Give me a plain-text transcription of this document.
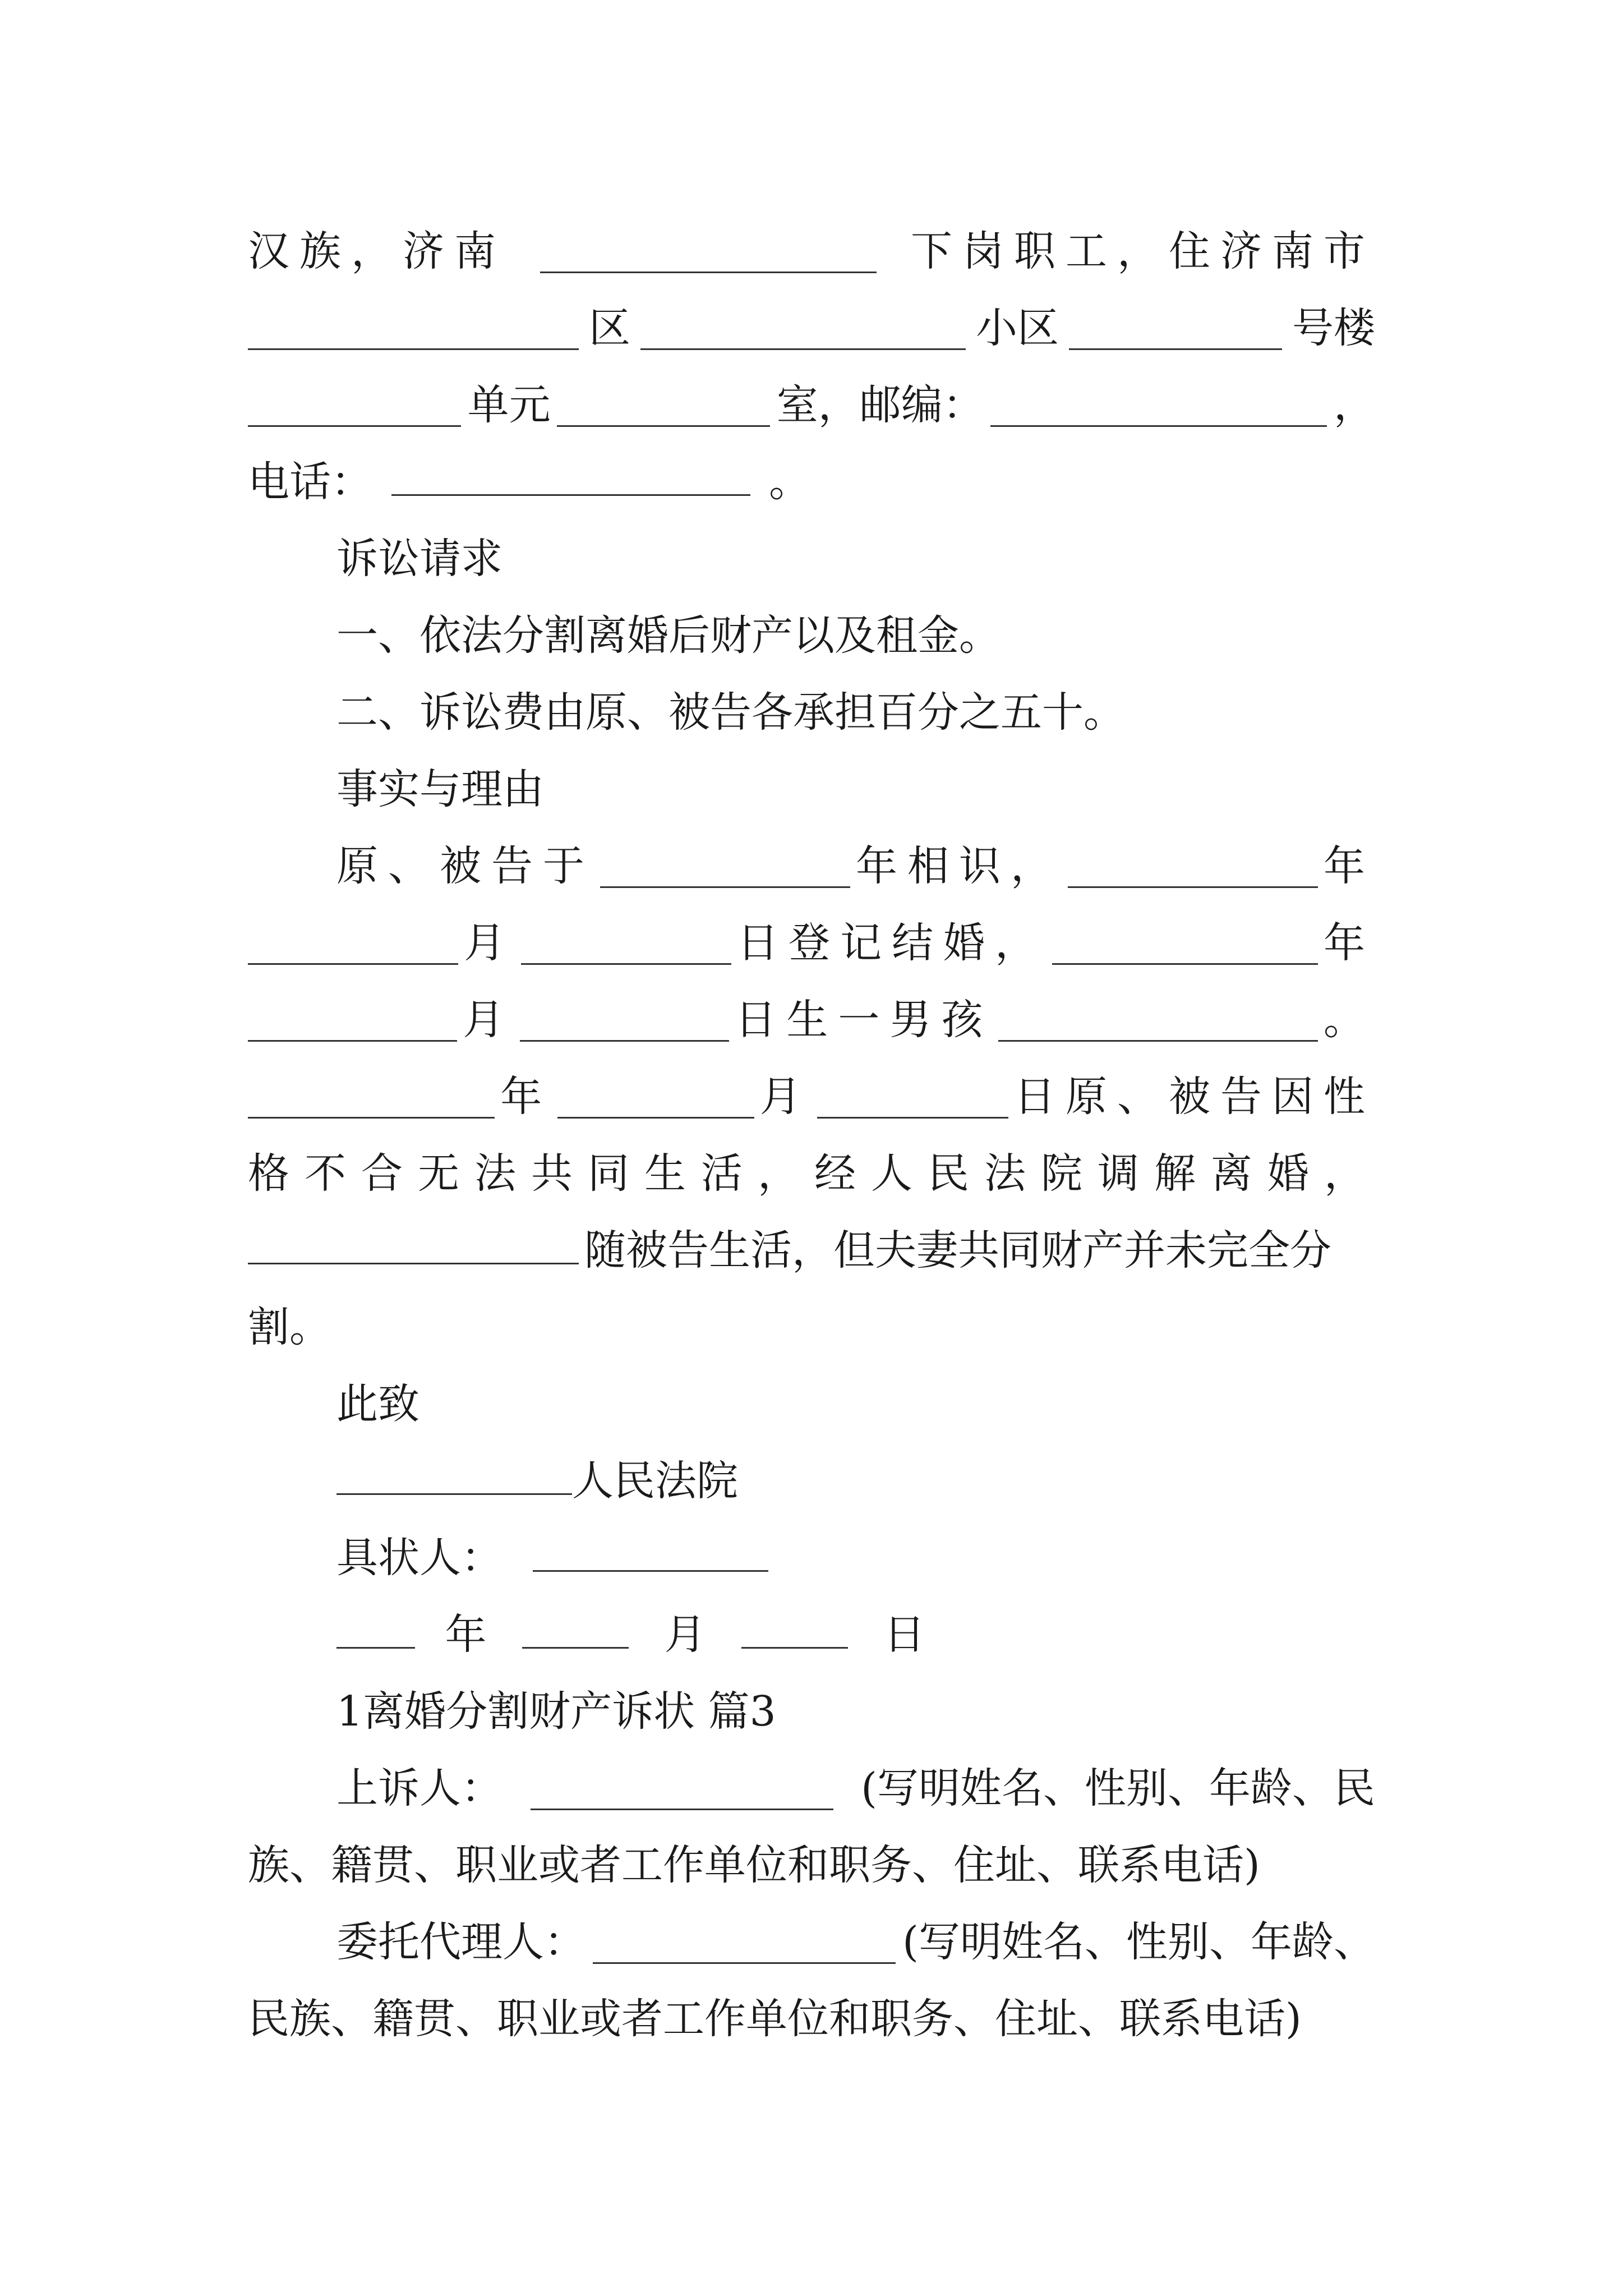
汉族，济南	下岗职工，住济南市
区	小区	号楼
单元	室，邮编：	，
电话：	。
诉讼请求
一、依法分割离婚后财产以及租金。
二、诉讼费由原、被告各承担百分之五十。
事实与理由
原、被告于	年相识，	年
月	日登记结婚，	年
月	日生一男孩	。
年	月	日原、被告因性
格不合无法共同生活，经人民法院调解离婚，
随被告生活，但夫妻共同财产并未完全分
割。
此致
人民法院
具状人：
年	月	日
1离婚分割财产诉状 篇3
上诉人：	(写明姓名、性别、年龄、民
族、籍贯、职业或者工作单位和职务、住址、联系电话)
委托代理人：	(写明姓名、性别、年龄、
民族、籍贯、职业或者工作单位和职务、住址、联系电话)
